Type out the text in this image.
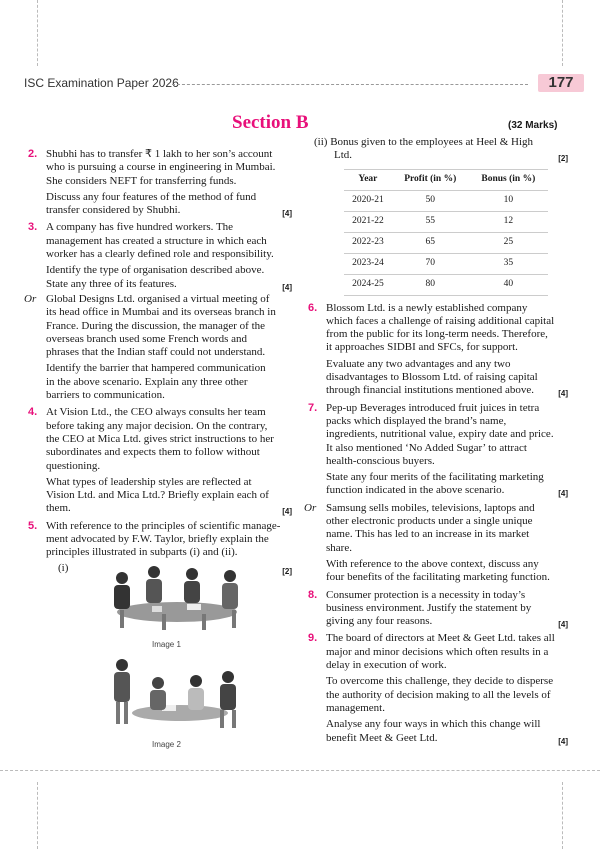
ISC Examination Paper 2026	177
Section B	(32 Marks)
2. Shubhi has to transfer ₹ 1 lakh to her son’s account

who is pursuing a course in engineering in Mumbai.

She considers NEFT for transferring funds.

Discuss any four features of the method of fund

transfer considered by Shubhi.	[4]

3. A company has five hundred workers. The

management has created a structure in which each

worker has a clearly defined role and responsibility.

Identify the type of organisation described above.

State any three of its features.	[4]

Or Global Designs Ltd. organised a virtual meeting of

its head office in Mumbai and its overseas branch in

France. During the discussion, the manager of the

overseas branch used some French words and

phrases that the Indian staff could not understand.

Identify the barrier that hampered communication

in the above scenario. Explain any three other

barriers to communication.

4. At Vision Ltd., the CEO always consults her team

before taking any major decision. On the contrary,

the CEO at Mica Ltd. gives strict instructions to her

subordinates and expects them to follow without

questioning.

What types of leadership styles are reflected at

Vision Ltd. and Mica Ltd.? Briefly explain each of

them.	[4]

5. With reference to the principles of scientific manage-

ment advocated by F.W. Taylor, briefly explain the

principles illustrated in subparts (i) and (ii).

(i)	[2]

Image 1
Image 2

(ii) Bonus given to the employees at Heel & High

Ltd.	[2]

Year	Profit (in %)	Bonus (in %)
2020-21	50	10
2021-22	55	12
2022-23	65	25
2023-24	70	35
2024-25	80	40
6. Blossom Ltd. is a newly established company

which faces a challenge of raising additional capital

from the public for its long-term needs. Therefore,

it approaches SIDBI and SFCs, for support.

Evaluate any two advantages and any two

disadvantages to Blossom Ltd. of raising capital

through financial institutions mentioned above.	[4]

7. Pep-up Beverages introduced fruit juices in tetra

packs which displayed the brand’s name,

ingredients, nutritional value, expiry date and price.

It also mentioned ‘No Added Sugar’ to attract

health-conscious buyers.

State any four merits of the facilitating marketing

function indicated in the above scenario.	[4]

Or Samsung sells mobiles, televisions, laptops and

other electronic products under a single unique

name. This has led to an increase in its market

share.

With reference to the above context, discuss any

four benefits of the facilitating marketing function.

8. Consumer protection is a necessity in today’s

business environment. Justify the statement by

giving any four reasons.	[4]

9. The board of directors at Meet & Geet Ltd. takes all

major and minor decisions which often results in a

delay in execution of work.

To overcome this challenge, they decide to disperse

the authority of decision making to all the levels of

management.

Analyse any four ways in which this change will

benefit Meet & Geet Ltd.	[4]
